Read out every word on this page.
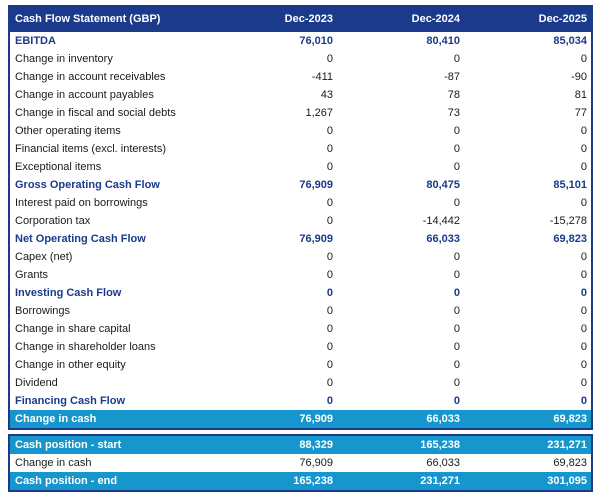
Cash Flow Statement (GBP)	Dec-2023	Dec-2024	Dec-2025
EBITDA	76,010	80,410	85,034
Change in inventory	0	0	0
Change in account receivables	-411	-87	-90
Change in account payables	43	78	81
Change in fiscal and social debts	1,267	73	77
Other operating items	0	0	0
Financial items (excl. interests)	0	0	0
Exceptional items	0	0	0
Gross Operating Cash Flow	76,909	80,475	85,101
Interest paid on borrowings	0	0	0
Corporation tax	0	-14,442	-15,278
Net Operating Cash Flow	76,909	66,033	69,823
Capex (net)	0	0	0
Grants	0	0	0
Investing Cash Flow	0	0	0
Borrowings	0	0	0
Change in share capital	0	0	0
Change in shareholder loans	0	0	0
Change in other equity	0	0	0
Dividend	0	0	0
Financing Cash Flow	0	0	0
Change in cash	76,909	66,033	69,823
Cash position - start	88,329	165,238	231,271
Change in cash	76,909	66,033	69,823
Cash position - end	165,238	231,271	301,095
